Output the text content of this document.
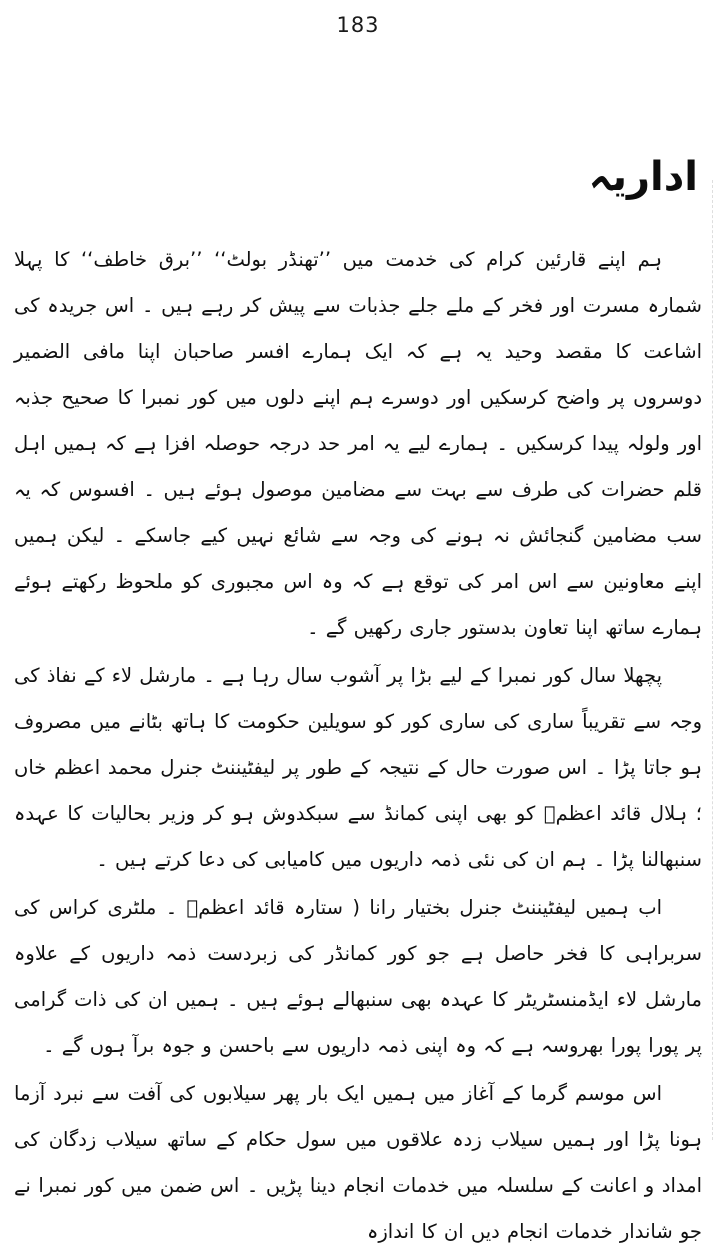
183
اداریہ

ہم اپنے قارئین کرام کی خدمت میں ’’تھنڈر بولٹ‘‘ ’’برق خاطف‘‘ کا پہلا شمارہ مسرت اور فخر کے ملے جلے جذبات سے پیش کر رہے ہیں ۔ اس جریدہ کی اشاعت کا مقصد وحید یہ ہے کہ ایک ہمارے افسر صاحبان اپنا مافی الضمیر دوسروں پر واضح کرسکیں اور دوسرے ہم اپنے دلوں میں کور نمبرا کا صحیح جذبہ اور ولولہ پیدا کرسکیں ۔ ہمارے لیے یہ امر حد درجہ حوصلہ افزا ہے کہ ہمیں اہل قلم حضرات کی طرف سے بہت سے مضامین موصول ہوئے ہیں ۔ افسوس کہ یہ سب مضامین گنجائش نہ ہونے کی وجہ سے شائع نہیں کیے جاسکے ۔ لیکن ہمیں اپنے معاونین سے اس امر کی توقع ہے کہ وہ اس مجبوری کو ملحوظ رکھتے ہوئے ہمارے ساتھ اپنا تعاون بدستور جاری رکھیں گے ۔

پچھلا سال کور نمبرا کے لیے بڑا پر آشوب سال رہا ہے ۔ مارشل لاء کے نفاذ کی وجہ سے تقریباً ساری کی ساری کور کو سویلین حکومت کا ہاتھ بٹانے میں مصروف ہو جاتا پڑا ۔ اس صورت حال کے نتیجہ کے طور پر لیفٹیننٹ جنرل محمد اعظم خاں ؛ ہلال قائد اعظمؒ کو بھی اپنی کمانڈ سے سبکدوش ہو کر وزیر بحالیات کا عہدہ سنبھالنا پڑا ۔ ہم ان کی نئی ذمہ داریوں میں کامیابی کی دعا کرتے ہیں ۔

اب ہمیں لیفٹیننٹ جنرل بختیار رانا ( ستارہ قائد اعظمؒ ۔ ملٹری کراس کی سربراہی کا فخر حاصل ہے جو کور کمانڈر کی زبردست ذمہ داریوں کے علاوہ مارشل لاء ایڈمنسٹریٹر کا عہدہ بھی سنبھالے ہوئے ہیں ۔ ہمیں ان کی ذات گرامی پر پورا پورا بھروسہ ہے کہ وہ اپنی ذمہ داریوں سے باحسن و جوہ برآ ہوں گے ۔

اس موسم گرما کے آغاز میں ہمیں ایک بار پھر سیلابوں کی آفت سے نبرد آزما ہونا پڑا اور ہمیں سیلاب زدہ علاقوں میں سول حکام کے ساتھ سیلاب زدگان کی امداد و اعانت کے سلسلہ میں خدمات انجام دینا پڑیں ۔ اس ضمن میں کور نمبرا نے جو شاندار خدمات انجام دیں ان کا اندازہ
